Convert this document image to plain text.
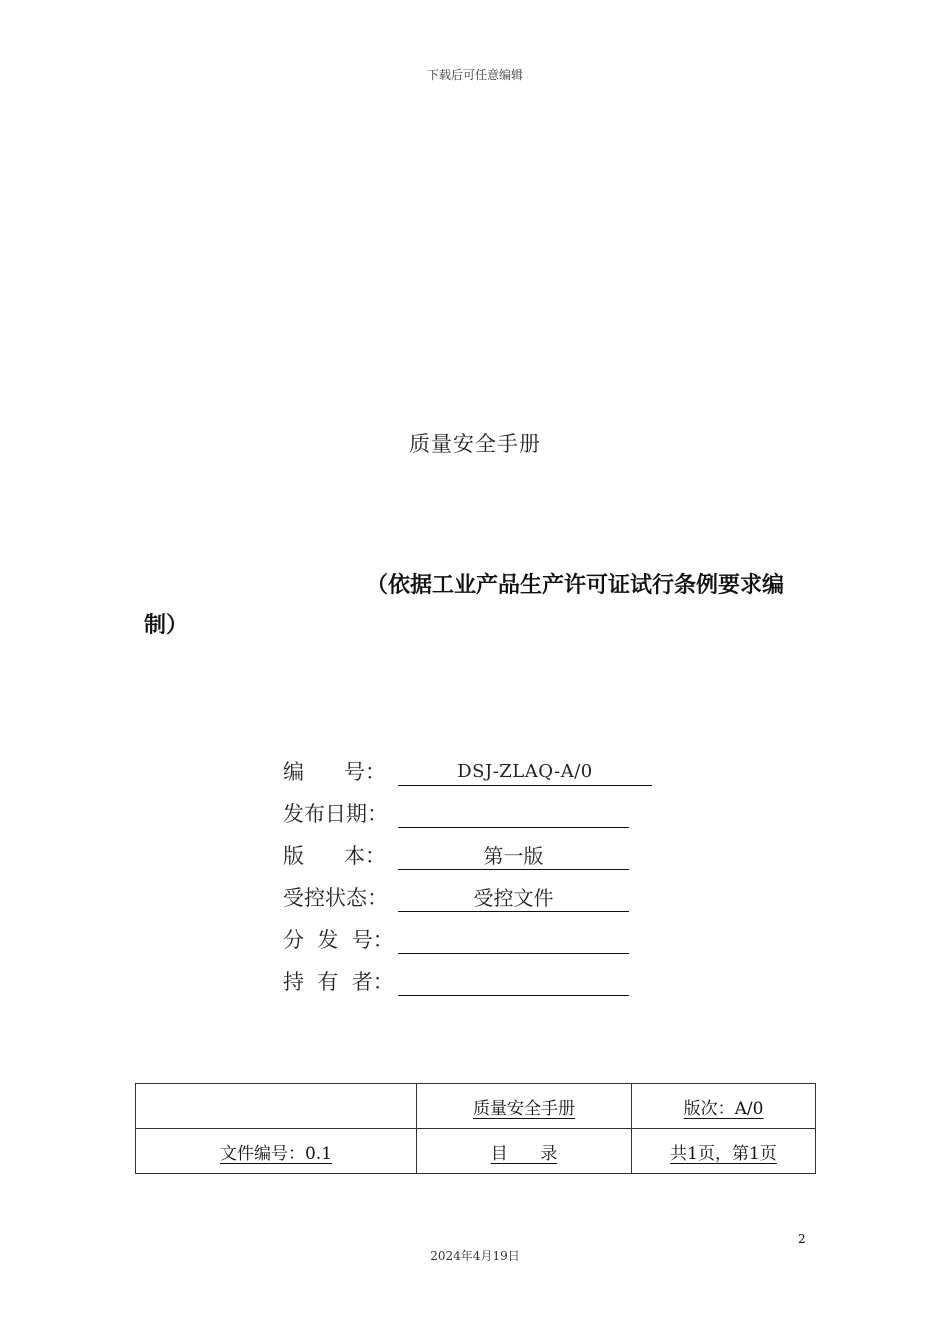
下载后可任意编辑
质量安全手册
（依据工业产品生产许可证试行条例要求编制）
编      号：	DSJ-ZLAQ-A/0
发布日期：
版      本：	第一版
受控状态：	受控文件
分  发  号：
持  有  者：
	质量安全手册	版次：A/0
文件编号：0.1	目      录	共1页，第1页
2
2024年4月19日
